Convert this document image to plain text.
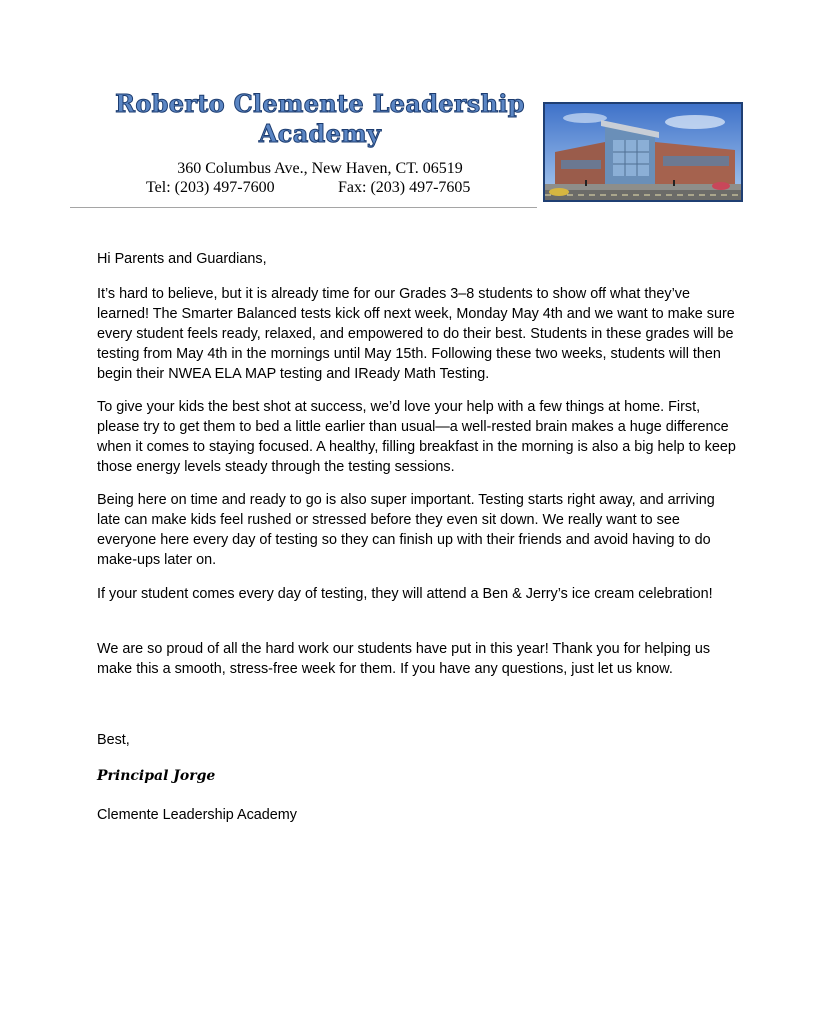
Roberto Clemente Leadership
Academy
360 Columbus Ave., New Haven, CT. 06519
Tel: (203) 497-7600	Fax: (203) 497-7605

Hi Parents and Guardians,

It’s hard to believe, but it is already time for our Grades 3–8 students to show off what they’ve learned! The Smarter Balanced tests kick off next week, Monday May 4th and we want to make sure every student feels ready, relaxed, and empowered to do their best. Students in these grades will be testing from May 4th in the mornings until May 15th. Following these two weeks, students will then begin their NWEA ELA MAP testing and IReady Math Testing.

To give your kids the best shot at success, we’d love your help with a few things at home. First, please try to get them to bed a little earlier than usual—a well-rested brain makes a huge difference when it comes to staying focused. A healthy, filling breakfast in the morning is also a big help to keep those energy levels steady through the testing sessions.

Being here on time and ready to go is also super important. Testing starts right away, and arriving late can make kids feel rushed or stressed before they even sit down. We really want to see everyone here every day of testing so they can finish up with their friends and avoid having to do make-ups later on.

If your student comes every day of testing, they will attend a Ben & Jerry’s ice cream celebration!

We are so proud of all the hard work our students have put in this year! Thank you for helping us make this a smooth, stress-free week for them. If you have any questions, just let us know.

Best,

Principal Jorge

Clemente Leadership Academy
